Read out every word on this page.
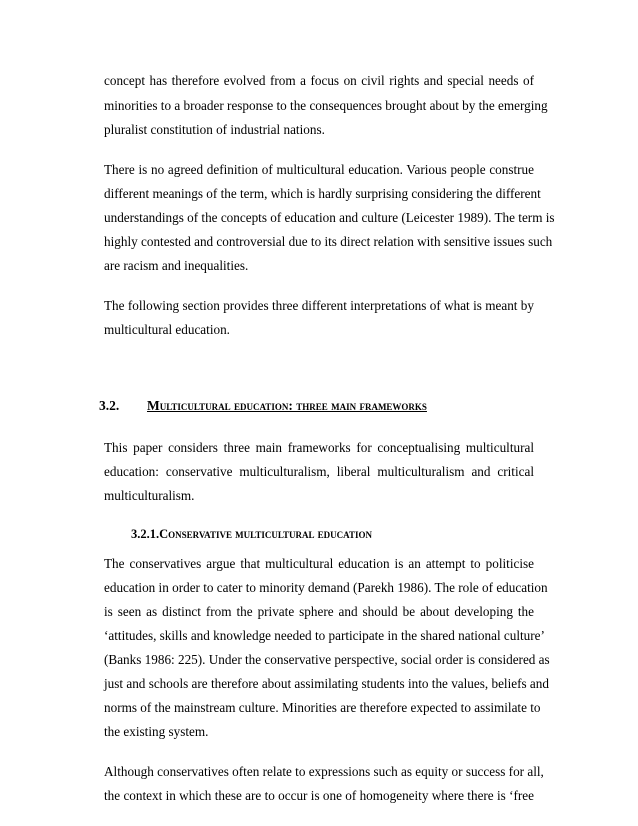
concept has therefore evolved from a focus on civil rights and special needs of
minorities to a broader response to the consequences brought about by the emerging
pluralist constitution of industrial nations.
There is no agreed definition of multicultural education. Various people construe
different meanings of the term, which is hardly surprising considering the different
understandings of the concepts of education and culture (Leicester 1989). The term is
highly contested and controversial due to its direct relation with sensitive issues such
are racism and inequalities.
The following section provides three different interpretations of what is meant by
multicultural education.
3.2. Multicultural education: three main frameworks
This paper considers three main frameworks for conceptualising multicultural
education: conservative multiculturalism, liberal multiculturalism and critical
multiculturalism.
3.2.1.Conservative multicultural education
The conservatives argue that multicultural education is an attempt to politicise
education in order to cater to minority demand (Parekh 1986). The role of education
is seen as distinct from the private sphere and should be about developing the
‘attitudes, skills and knowledge needed to participate in the shared national culture’
(Banks 1986: 225). Under the conservative perspective, social order is considered as
just and schools are therefore about assimilating students into the values, beliefs and
norms of the mainstream culture. Minorities are therefore expected to assimilate to
the existing system.
Although conservatives often relate to expressions such as equity or success for all,
the context in which these are to occur is one of homogeneity where there is ‘free
